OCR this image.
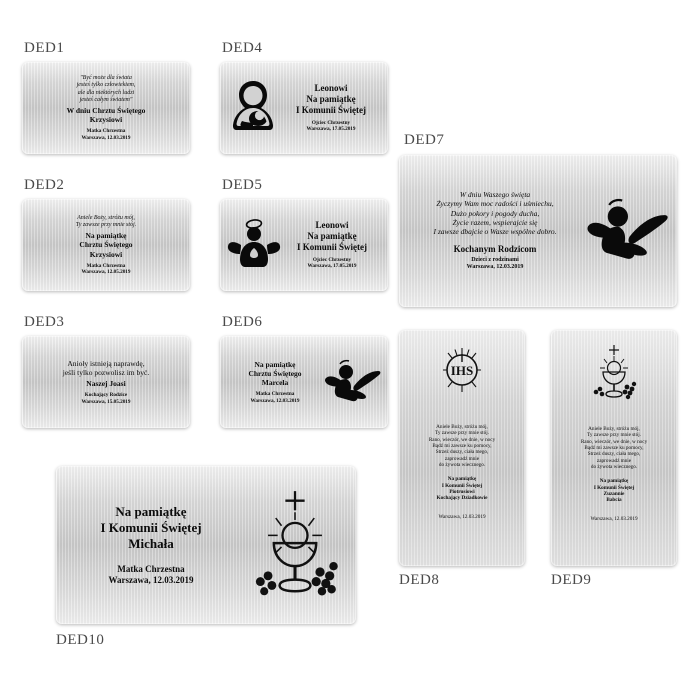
DED1
"Być może dla świata
jesteś tylko człowiekiem,
ale dla niektórych ludzi
jesteś całym światem"
W dniu Chrztu Świętego
Krzysiowi
Matka Chrzestna
Warszawa, 12.03.2019
DED2
Aniele Boży, stróżu mój,
Ty zawsze przy mnie stój.
Na pamiątkę
Chrztu Świętego
Krzysiowi
Matka Chrzestna
Warszawa, 12.05.2019
DED3
Anioły istnieją naprawdę,
jeśli tylko pozwolisz im być.
Naszej Joasi
Kochający Rodzice
Warszawa, 15.05.2019
DED4
Leonowi
Na pamiątkę
I Komunii Świętej
Ojciec Chrzestny
Warszawa, 17.05.2019
DED5
Leonowi
Na pamiątkę
I Komunii Świętej
Ojciec Chrzestny
Warszawa, 17.05.2019
DED6
Na pamiątkę
Chrztu Świętego
Marcela
Matka Chrzestna
Warszawa, 12.03.2019
DED7
W dniu Waszego święta
Życzymy Wam moc radości i uśmiechu,
Dużo pokory i pogody ducha,
Życie razem, wspierajcie się
I zawsze dbajcie o Wasze wspólne dobro.
Kochanym Rodzicom
Dzieci z rodzinami
Warszawa, 12.03.2019
IHS
Aniele Boży, stróżu mój,
Ty zawsze przy mnie stój.
Rano, wieczór, we dnie, w nocy
Bądź mi zawsze ku pomocy,
Strzeż duszy, ciała mego,
zaprowadź mnie
do żywota wiecznego.
Na pamiątkę
I Komunii Świętej
Piotrusiowi
Kochający Dziadkowie
Warszawa, 12.03.2019
DED8
Aniele Boży, stróżu mój,
Ty zawsze przy mnie stój.
Rano, wieczór, we dnie, w nocy
Bądź mi zawsze ku pomocy,
Strzeż duszy, ciała mego,
zaprowadź mnie
do żywota wiecznego.
Na pamiątkę
I Komunii Świętej
Zuzannie
Babcia
Warszawa, 12.03.2019
DED9
Na pamiątkę
I Komunii Świętej
Michała
Matka Chrzestna
Warszawa, 12.03.2019
DED10
